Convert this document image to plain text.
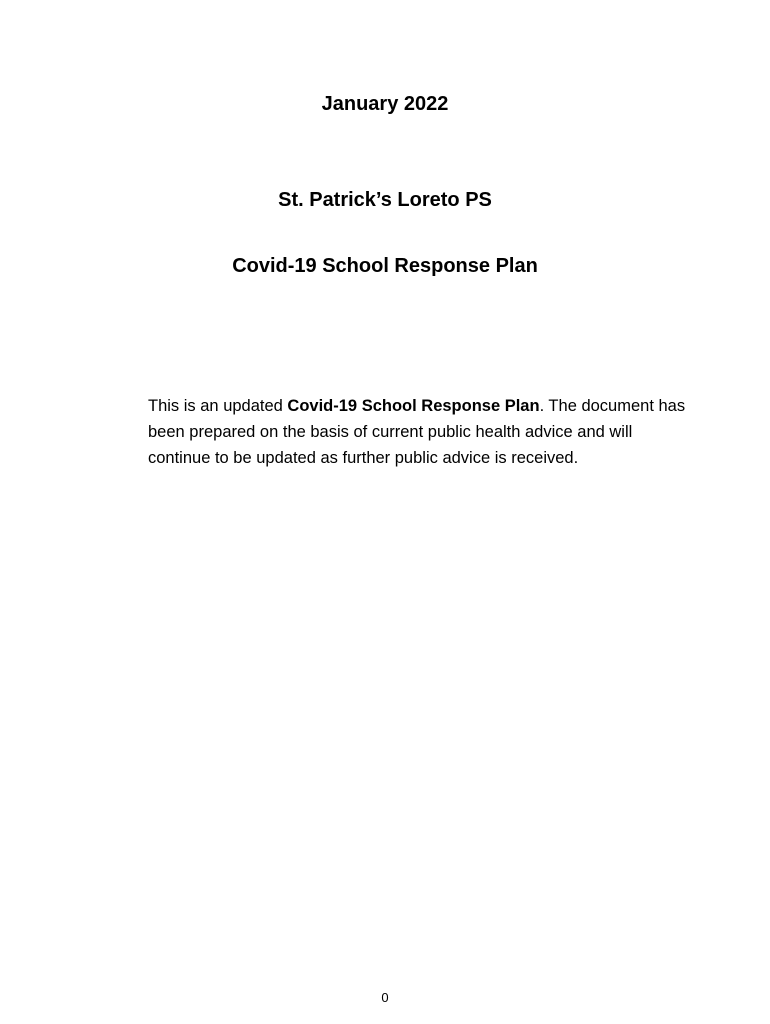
January 2022
St. Patrick’s Loreto PS
Covid-19 School Response Plan

This is an updated Covid-19 School Response Plan. The document has been prepared on the basis of current public health advice and will continue to be updated as further public advice is received.

0
